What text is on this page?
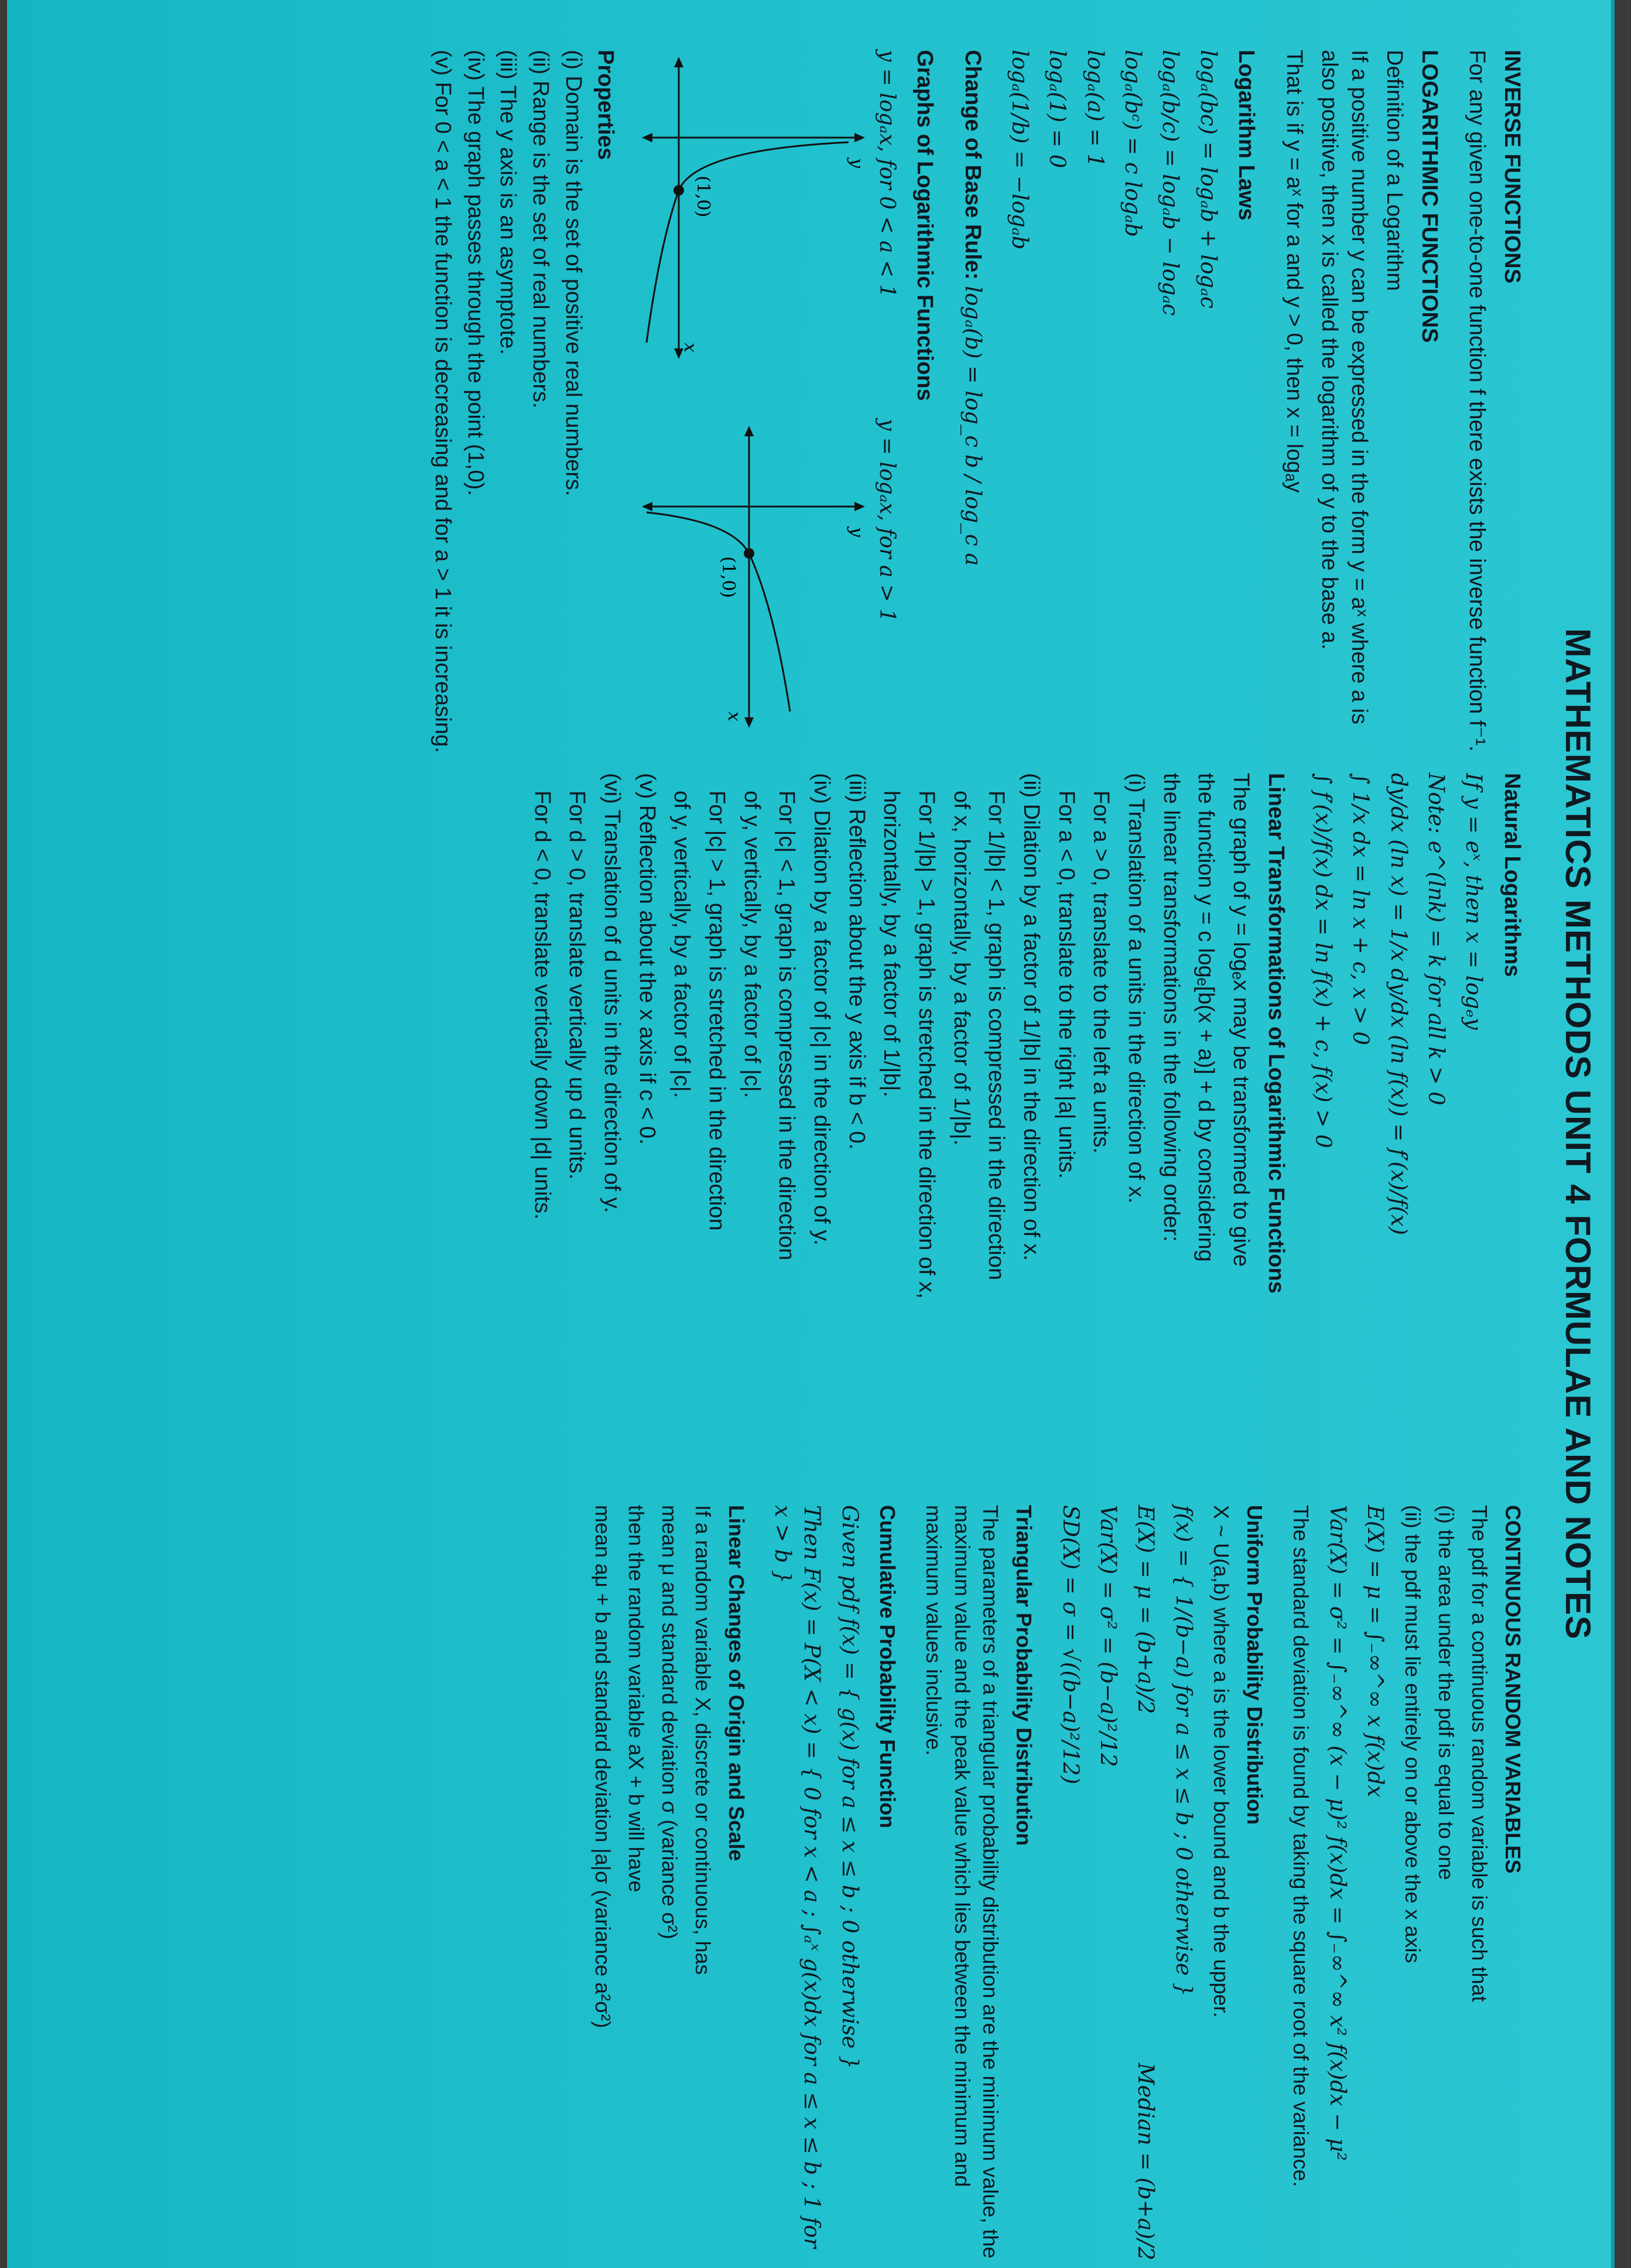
MATHEMATICS METHODS UNIT 4 FORMULAE AND NOTES
INVERSE FUNCTIONS
For any given one-to-one function f there exists the inverse function f⁻¹.
LOGARITHMIC FUNCTIONS
Definition of a Logarithm
If a positive number y can be expressed in the form y = aˣ where a is also positive, then x is called the logarithm of y to the base a.
That is if y = aˣ for a and y > 0, then x = logₐy
Logarithm Laws
logₐ(bc) = logₐb + logₐc
logₐ(b/c) = logₐb − logₐc
logₐ(bᶜ) = c logₐb
logₐ(a) = 1
logₐ(1) = 0
logₐ(1/b) = −logₐb
Change of Base Rule: logₐ(b) = log_c b / log_c a
Graphs of Logarithmic Functions
y = logₐx, for 0 < a < 1
y
x
(1,0)
y = logₐx, for a > 1
y
x
(1,0)
Properties
(i) Domain is the set of positive real numbers.
(ii) Range is the set of real numbers.
(iii) The y axis is an asymptote.
(iv) The graph passes through the point (1,0).
(v) For 0 < a < 1 the function is decreasing and for a > 1 it is increasing.
Natural Logarithms
If y = eˣ, then x = logₑy
Note: e^(lnk) = k for all k > 0
dy/dx (ln x) = 1/x dy/dx (ln f(x)) = f′(x)/f(x)
∫ 1/x dx = ln x + c, x > 0
∫ f′(x)/f(x) dx = ln f(x) + c, f(x) > 0
Linear Transformations of Logarithmic Functions
The graph of y = logₑx may be transformed to give
the function y = c logₑ[b(x + a)] + d by considering
the linear transformations in the following order:
(i) Translation of a units in the direction of x.
For a > 0, translate to the left a units.
For a < 0, translate to the right |a| units.
(ii) Dilation by a factor of 1/|b| in the direction of x.
For 1/|b| < 1, graph is compressed in the direction
of x, horizontally, by a factor of 1/|b|.
For 1/|b| > 1, graph is stretched in the direction of x,
horizontally, by a factor of 1/|b|.
(iii) Reflection about the y axis if b < 0.
(iv) Dilation by a factor of |c| in the direction of y.
For |c| < 1, graph is compressed in the direction
of y, vertically, by a factor of |c|.
For |c| > 1, graph is stretched in the direction
of y, vertically, by a factor of |c|.
(v) Reflection about the x axis if c < 0.
(vi) Translation of d units in the direction of y.
For d > 0, translate vertically up d units.
For d < 0, translate vertically down |d| units.
CONTINUOUS RANDOM VARIABLES
The pdf for a continuous random variable is such that
(i) the area under the pdf is equal to one
(ii) the pdf must lie entirely on or above the x axis
E(X) = μ = ∫₋∞^∞ x f(x)dx
Var(X) = σ² = ∫₋∞^∞ (x − μ)² f(x)dx = ∫₋∞^∞ x² f(x)dx − μ²
The standard deviation is found by taking the square root of the variance.
Uniform Probability Distribution
X ~ U(a,b) where a is the lower bound and b the upper.
f(x) = { 1/(b−a) for a ≤ x ≤ b ; 0 otherwise }
E(X) = μ = (b+a)/2
Median = (b+a)/2
Var(X) = σ² = (b−a)²/12
SD(X) = σ = √((b−a)²/12)
Triangular Probability Distribution
The parameters of a triangular probability distribution are the minimum value, the maximum value and the peak value which lies between the minimum and maximum values inclusive.
Cumulative Probability Function
Given pdf f(x) = { g(x) for a ≤ x ≤ b ; 0 otherwise }
Then F(x) = P(X < x) = { 0 for x < a ; ∫ₐˣ g(x)dx for a ≤ x ≤ b ; 1 for x > b }
Linear Changes of Origin and Scale
If a random variable X, discrete or continuous, has
mean μ and standard deviation σ (variance σ²)
then the random variable aX + b will have
mean aμ + b and standard deviation |a|σ (variance a²σ²)
